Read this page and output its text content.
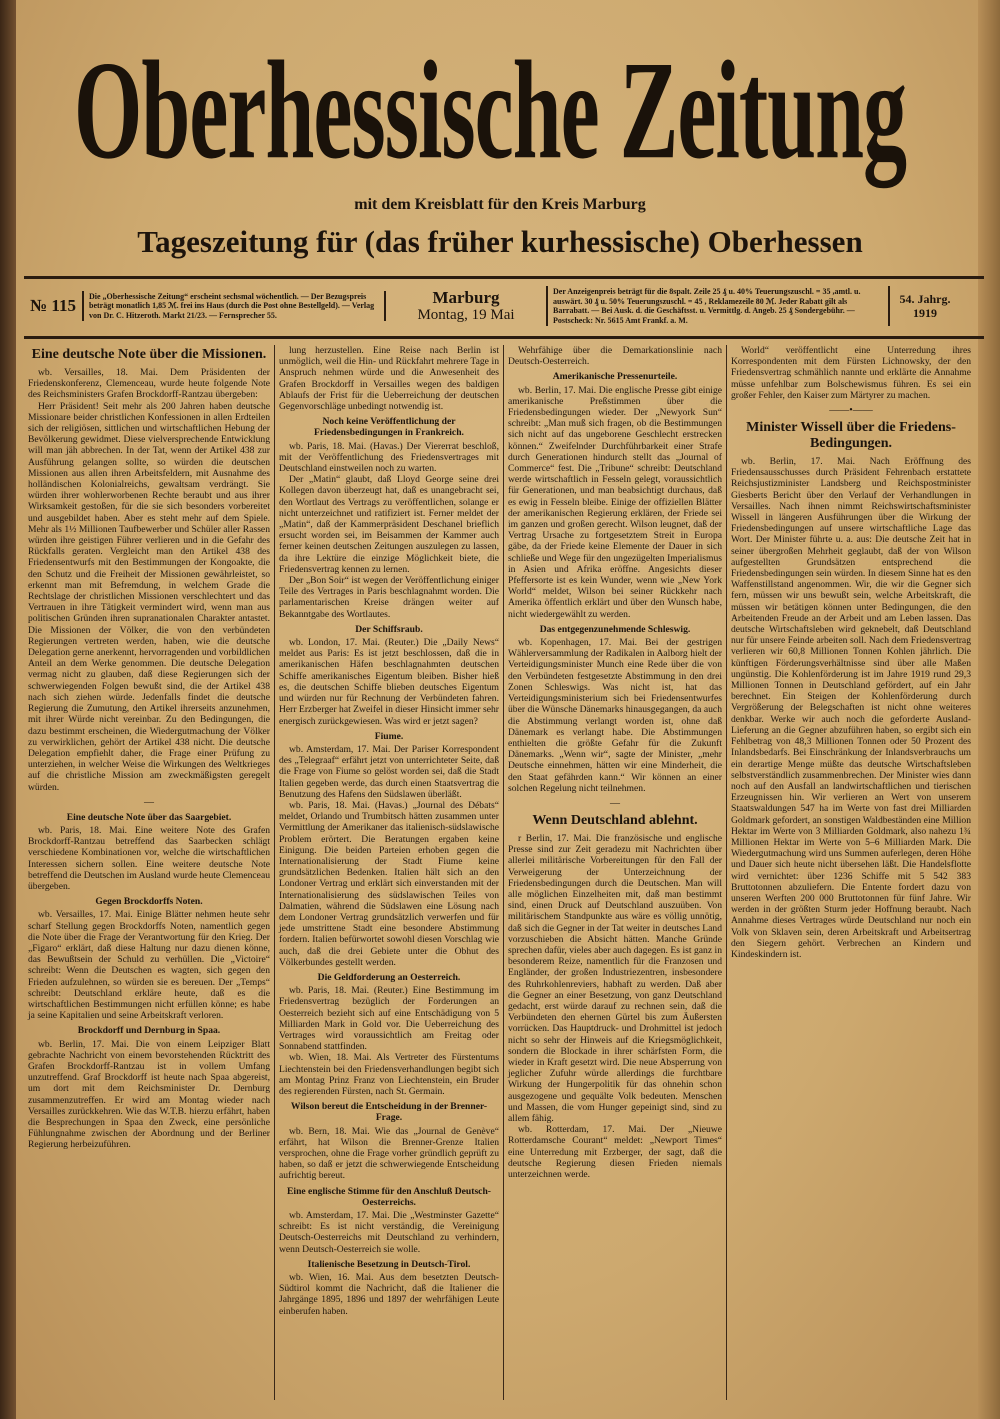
Oberhessische Zeitung
mit dem Kreisblatt für den Kreis Marburg
Tageszeitung für (das früher kurhessische) Oberhessen
№ 115	Die „Oberhessische Zeitung“ erscheint sechsmal wöchentlich. — Der Bezugspreis beträgt monatlich 1,85 ℳ. frei ins Haus (durch die Post ohne Bestellgeld). — Verlag von Dr. C. Hitzeroth. Markt 21/23. — Fernsprecher 55.
Marburg
Montag, 19 Mai
Der Anzeigenpreis beträgt für die 8spalt. Zeile 25 ₰ u. 40% Teuerungszuschl. = 35 ,amtl. u. auswärt. 30 ₰ u. 50% Teuerungszuschl. = 45 , Reklamezeile 80 ℳ. Jeder Rabatt gilt als Barrabatt. — Bei Ausk. d. die Geschäftsst. u. Vermittlg. d. Angeb. 25 ₰ Sondergebühr. — Postscheck: Nr. 5615 Amt Frankf. a. M.
54. Jahrg.
1919
Eine deutsche Note über die Missionen.
wb. Versailles, 18. Mai. Dem Präsidenten der Friedenskonferenz, Clemenceau, wurde heute folgende Note des Reichsministers Grafen Brockdorff-Rantzau übergeben:
Herr Präsident! Seit mehr als 200 Jahren haben deutsche Missionare beider christlichen Konfessionen in allen Erdteilen sich der religiösen, sittlichen und wirtschaftlichen Hebung der Bevölkerung gewidmet. Diese vielversprechende Entwicklung will man jäh abbrechen. In der Tat, wenn der Artikel 438 zur Ausführung gelangen sollte, so würden die deutschen Missionen aus allen ihren Arbeitsfeldern, mit Ausnahme des holländischen Kolonialreichs, gewaltsam verdrängt. Sie würden ihrer wohlerworbenen Rechte beraubt und aus ihrer Wirksamkeit gestoßen, für die sie sich besonders vorbereitet und ausgebildet haben. Aber es steht mehr auf dem Spiele. Mehr als 1½ Millionen Taufbewerber und Schüler aller Rassen würden ihre geistigen Führer verlieren und in die Gefahr des Rückfalls geraten. Vergleicht man den Artikel 438 des Friedensentwurfs mit den Bestimmungen der Kongoakte, die den Schutz und die Freiheit der Missionen gewährleistet, so erkennt man mit Befremdung, in welchem Grade die Rechtslage der christlichen Missionen verschlechtert und das Vertrauen in ihre Tätigkeit vermindert wird, wenn man aus politischen Gründen ihren supranationalen Charakter antastet. Die Missionen der Völker, die von den verbündeten Regierungen vertreten werden, haben, wie die deutsche Delegation gerne anerkennt, hervorragenden und vorbildlichen Anteil an dem Werke genommen. Die deutsche Delegation vermag nicht zu glauben, daß diese Regierungen sich der schwerwiegenden Folgen bewußt sind, die der Artikel 438 nach sich ziehen würde. Jedenfalls findet die deutsche Regierung die Zumutung, den Artikel ihrerseits anzunehmen, mit ihrer Würde nicht vereinbar. Zu den Bedingungen, die dazu bestimmt erscheinen, die Wiedergutmachung der Völker zu verwirklichen, gehört der Artikel 438 nicht. Die deutsche Delegation empfiehlt daher, die Frage einer Prüfung zu unterziehen, in welcher Weise die Wirkungen des Weltkrieges auf die christliche Mission am zweckmäßigsten geregelt würden.
—
Eine deutsche Note über das Saargebiet.
wb. Paris, 18. Mai. Eine weitere Note des Grafen Brockdorff-Rantzau betreffend das Saarbecken schlägt verschiedene Kombinationen vor, welche die wirtschaftlichen Interessen sichern sollen. Eine weitere deutsche Note betreffend die Deutschen im Ausland wurde heute Clemenceau übergeben.
Gegen Brockdorffs Noten.
wb. Versailles, 17. Mai. Einige Blätter nehmen heute sehr scharf Stellung gegen Brockdorffs Noten, namentlich gegen die Note über die Frage der Verantwortung für den Krieg. Der „Figaro“ erklärt, daß diese Haltung nur dazu dienen könne, das Bewußtsein der Schuld zu verhüllen. Die „Victoire“ schreibt: Wenn die Deutschen es wagten, sich gegen den Frieden aufzulehnen, so würden sie es bereuen. Der „Temps“ schreibt: Deutschland erkläre heute, daß es die wirtschaftlichen Bestimmungen nicht erfüllen könne; es habe ja seine Kapitalien und seine Arbeitskraft verloren.
Brockdorff und Dernburg in Spaa.
wb. Berlin, 17. Mai. Die von einem Leipziger Blatt gebrachte Nachricht von einem bevorstehenden Rücktritt des Grafen Brockdorff-Rantzau ist in vollem Umfang unzutreffend. Graf Brockdorff ist heute nach Spaa abgereist, um dort mit dem Reichsminister Dr. Dernburg zusammenzutreffen. Er wird am Montag wieder nach Versailles zurückkehren. Wie das W.T.B. hierzu erfährt, haben die Besprechungen in Spaa den Zweck, eine persönliche Fühlungnahme zwischen der Abordnung und der Berliner Regierung herbeizuführen.
lung herzustellen. Eine Reise nach Berlin ist unmöglich, weil die Hin- und Rückfahrt mehrere Tage in Anspruch nehmen würde und die Anwesenheit des Grafen Brockdorff in Versailles wegen des baldigen Ablaufs der Frist für die Ueberreichung der deutschen Gegenvorschläge unbedingt notwendig ist.
Noch keine Veröffentlichung der Friedensbedingungen in Frankreich.
wb. Paris, 18. Mai. (Havas.) Der Viererrat beschloß, mit der Veröffentlichung des Friedensvertrages mit Deutschland einstweilen noch zu warten.
Der „Matin“ glaubt, daß Lloyd George seine drei Kollegen davon überzeugt hat, daß es unangebracht sei, den Wortlaut des Vertrags zu veröffentlichen, solange er nicht unterzeichnet und ratifiziert ist. Ferner meldet der „Matin“, daß der Kammerpräsident Deschanel brieflich ersucht worden sei, im Beisammen der Kammer auch ferner keinen deutschen Zeitungen auszulegen zu lassen, da ihre Lektüre die einzige Möglichkeit biete, die Friedensvertrag kennen zu lernen.
Der „Bon Soir“ ist wegen der Veröffentlichung einiger Teile des Vertrages in Paris beschlagnahmt worden. Die parlamentarischen Kreise drängen weiter auf Bekanntgabe des Wortlautes.
Der Schiffsraub.
wb. London, 17. Mai. (Reuter.) Die „Daily News“ meldet aus Paris: Es ist jetzt beschlossen, daß die in amerikanischen Häfen beschlagnahmten deutschen Schiffe amerikanisches Eigentum bleiben. Bisher hieß es, die deutschen Schiffe blieben deutsches Eigentum und würden nur für Rechnung der Verbündeten fahren. Herr Erzberger hat Zweifel in dieser Hinsicht immer sehr energisch zurückgewiesen. Was wird er jetzt sagen?
Fiume.
wb. Amsterdam, 17. Mai. Der Pariser Korrespondent des „Telegraaf“ erfährt jetzt von unterrichteter Seite, daß die Frage von Fiume so gelöst worden sei, daß die Stadt Italien gegeben werde, das durch einen Staatsvertrag die Benutzung des Hafens den Südslawen überläßt.
wb. Paris, 18. Mai. (Havas.) „Journal des Débats“ meldet, Orlando und Trumbitsch hätten zusammen unter Vermittlung der Amerikaner das italienisch-südslawische Problem erörtert. Die Beratungen ergaben keine Einigung. Die beiden Parteien erhoben gegen die Internationalisierung der Stadt Fiume keine grundsätzlichen Bedenken. Italien hält sich an den Londoner Vertrag und erklärt sich einverstanden mit der Internationalisierung des südslawischen Teiles von Dalmatien, während die Südslawen eine Lösung nach dem Londoner Vertrag grundsätzlich verwerfen und für jede umstrittene Stadt eine besondere Abstimmung fordern. Italien befürwortet sowohl diesen Vorschlag wie auch, daß die drei Gebiete unter die Obhut des Völkerbundes gestellt werden.
Die Geldforderung an Oesterreich.
wb. Paris, 18. Mai. (Reuter.) Eine Bestimmung im Friedensvertrag bezüglich der Forderungen an Oesterreich bezieht sich auf eine Entschädigung von 5 Milliarden Mark in Gold vor. Die Ueberreichung des Vertrages wird voraussichtlich am Freitag oder Sonnabend stattfinden.
wb. Wien, 18. Mai. Als Vertreter des Fürstentums Liechtenstein bei den Friedensverhandlungen begibt sich am Montag Prinz Franz von Liechtenstein, ein Bruder des regierenden Fürsten, nach St. Germain.
Wilson bereut die Entscheidung in der Brenner-Frage.
wb. Bern, 18. Mai. Wie das „Journal de Genève“ erfährt, hat Wilson die Brenner-Grenze Italien versprochen, ohne die Frage vorher gründlich geprüft zu haben, so daß er jetzt die schwerwiegende Entscheidung aufrichtig bereut.
Eine englische Stimme für den Anschluß Deutsch-Oesterreichs.
wb. Amsterdam, 17. Mai. Die „Westminster Gazette“ schreibt: Es ist nicht verständig, die Vereinigung Deutsch-Oesterreichs mit Deutschland zu verhindern, wenn Deutsch-Oesterreich sie wolle.
Italienische Besetzung in Deutsch-Tirol.
wb. Wien, 16. Mai. Aus dem besetzten Deutsch-Südtirol kommt die Nachricht, daß die Italiener die Jahrgänge 1895, 1896 und 1897 der wehrfähigen Leute einberufen haben.
Wehrfähige über die Demarkationslinie nach Deutsch-Oesterreich.
Amerikanische Pressenurteile.
wb. Berlin, 17. Mai. Die englische Presse gibt einige amerikanische Preßstimmen über die Friedensbedingungen wieder. Der „Newyork Sun“ schreibt: „Man muß sich fragen, ob die Bestimmungen sich nicht auf das ungeborene Geschlecht erstrecken können.“ Zweifelnder Durchführbarkeit einer Strafe durch Generationen hindurch stellt das „Journal of Commerce“ fest. Die „Tribune“ schreibt: Deutschland werde wirtschaftlich in Fesseln gelegt, voraussichtlich für Generationen, und man beabsichtigt durchaus, daß es ewig in Fesseln bleibe. Einige der offiziellen Blätter der amerikanischen Regierung erklären, der Friede sei im ganzen und großen gerecht. Wilson leugnet, daß der Vertrag Ursache zu fortgesetztem Streit in Europa gäbe, da der Friede keine Elemente der Dauer in sich schließe und Wege für den ungezügelten Imperialismus in Asien und Afrika eröffne. Angesichts dieser Pfeffersorte ist es kein Wunder, wenn wie „New York World“ meldet, Wilson bei seiner Rückkehr nach Amerika öffentlich erklärt und über den Wunsch habe, nicht wiedergewählt zu werden.
Das entgegenzunehmende Schleswig.
wb. Kopenhagen, 17. Mai. Bei der gestrigen Wählerversammlung der Radikalen in Aalborg hielt der Verteidigungsminister Munch eine Rede über die von den Verbündeten festgesetzte Abstimmung in den drei Zonen Schleswigs. Was nicht ist, hat das Verteidigungsministerium sich bei Friedensentwurfes über die Wünsche Dänemarks hinausgegangen, da auch die Abstimmung verlangt worden ist, ohne daß Dänemark es verlangt habe. Die Abstimmungen enthielten die größte Gefahr für die Zukunft Dänemarks. „Wenn wir“, sagte der Minister, „mehr Deutsche einnehmen, hätten wir eine Minderheit, die den Staat gefährden kann.“ Wir können an einer solchen Regelung nicht teilnehmen.
—
Wenn Deutschland ablehnt.
r Berlin, 17. Mai. Die französische und englische Presse sind zur Zeit geradezu mit Nachrichten über allerlei militärische Vorbereitungen für den Fall der Verweigerung der Unterzeichnung der Friedensbedingungen durch die Deutschen. Man will alle möglichen Einzelheiten mit, daß man bestimmt sind, einen Druck auf Deutschland auszuüben. Von militärischem Standpunkte aus wäre es völlig unnötig, daß sich die Gegner in der Tat weiter in deutsches Land vorzuschieben die Absicht hätten. Manche Gründe sprechen dafür, vieles aber auch dagegen. Es ist ganz in besonderem Reize, namentlich für die Franzosen und Engländer, der großen Industriezentren, insbesondere des Ruhrkohlenreviers, habhaft zu werden. Daß aber die Gegner an einer Besetzung, von ganz Deutschland gedacht, erst würde darauf zu rechnen sein, daß die Verbündeten den ehernen Gürtel bis zum Äußersten vorrücken. Das Hauptdruck- und Drohmittel ist jedoch nicht so sehr der Hinweis auf die Kriegsmöglichkeit, sondern die Blockade in ihrer schärfsten Form, die wieder in Kraft gesetzt wird. Die neue Absperrung von jeglicher Zufuhr würde allerdings die furchtbare Wirkung der Hungerpolitik für das ohnehin schon ausgezogene und gequälte Volk bedeuten. Menschen und Massen, die vom Hunger gepeinigt sind, sind zu allem fähig.
wb. Rotterdam, 17. Mai. Der „Nieuwe Rotterdamsche Courant“ meldet: „Newport Times“ eine Unterredung mit Erzberger, der sagt, daß die deutsche Regierung diesen Frieden niemals unterzeichnen werde.
World“ veröffentlicht eine Unterredung ihres Korrespondenten mit dem Fürsten Lichnowsky, der den Friedensvertrag schmählich nannte und erklärte die Annahme müsse unfehlbar zum Bolschewismus führen. Es sei ein großer Fehler, den Kaiser zum Märtyrer zu machen.
——•——
Minister Wissell über die Friedens-Bedingungen.
wb. Berlin, 17. Mai. Nach Eröffnung des Friedensausschusses durch Präsident Fehrenbach erstattete Reichsjustizminister Landsberg und Reichspostminister Giesberts Bericht über den Verlauf der Verhandlungen in Versailles. Nach ihnen nimmt Reichswirtschaftsminister Wissell in längeren Ausführungen über die Wirkung der Friedensbedingungen auf unsere wirtschaftliche Lage das Wort. Der Minister führte u. a. aus: Die deutsche Zeit hat in seiner übergroßen Mehrheit geglaubt, daß der von Wilson aufgestellten Grundsätzen entsprechend die Friedensbedingungen sein würden. In diesem Sinne hat es den Waffenstillstand angenommen. Wir, die wir die Gegner sich fern, müssen wir uns bewußt sein, welche Arbeitskraft, die müssen wir betätigen können unter Bedingungen, die den Arbeitenden Freude an der Arbeit und am Leben lassen. Das deutsche Wirtschaftsleben wird geknebelt, daß Deutschland nur für unsere Feinde arbeiten soll. Nach dem Friedensvertrag verlieren wir 60,8 Millionen Tonnen Kohlen jährlich. Die künftigen Förderungsverhältnisse sind über alle Maßen ungünstig. Die Kohlenförderung ist im Jahre 1919 rund 29,3 Millionen Tonnen in Deutschland gefördert, auf ein Jahr berechnet. Ein Steigen der Kohlenförderung durch Vergrößerung der Belegschaften ist nicht ohne weiteres denkbar. Werke wir auch noch die geforderte Ausland-Lieferung an die Gegner abzuführen haben, so ergibt sich ein Fehlbetrag von 48,3 Millionen Tonnen oder 50 Prozent des Inlandsbedarfs. Bei Einschränkung der Inlandsverbrauchs um ein derartige Menge müßte das deutsche Wirtschaftsleben selbstverständlich zusammenbrechen. Der Minister wies dann noch auf den Ausfall an landwirtschaftlichen und tierischen Erzeugnissen hin. Wir verlieren an Wert von unserem Staatswaldungen 547 ha im Werte von fast drei Milliarden Goldmark gefordert, an sonstigen Waldbeständen eine Million Hektar im Werte von 3 Milliarden Goldmark, also nahezu 1¾ Millionen Hektar im Werte von 5–6 Milliarden Mark. Die Wiedergutmachung wird uns Summen auferlegen, deren Höhe und Dauer sich heute nicht übersehen läßt. Die Handelsflotte wird vernichtet: über 1236 Schiffe mit 5 542 383 Bruttotonnen abzuliefern. Die Entente fordert dazu von unseren Werften 200 000 Bruttotonnen für fünf Jahre. Wir werden in der größten Sturm jeder Hoffnung beraubt. Nach Annahme dieses Vertrages würde Deutschland nur noch ein Volk von Sklaven sein, deren Arbeitskraft und Arbeitsertrag den Siegern gehört. Verbrechen an Kindern und Kindeskindern ist.
